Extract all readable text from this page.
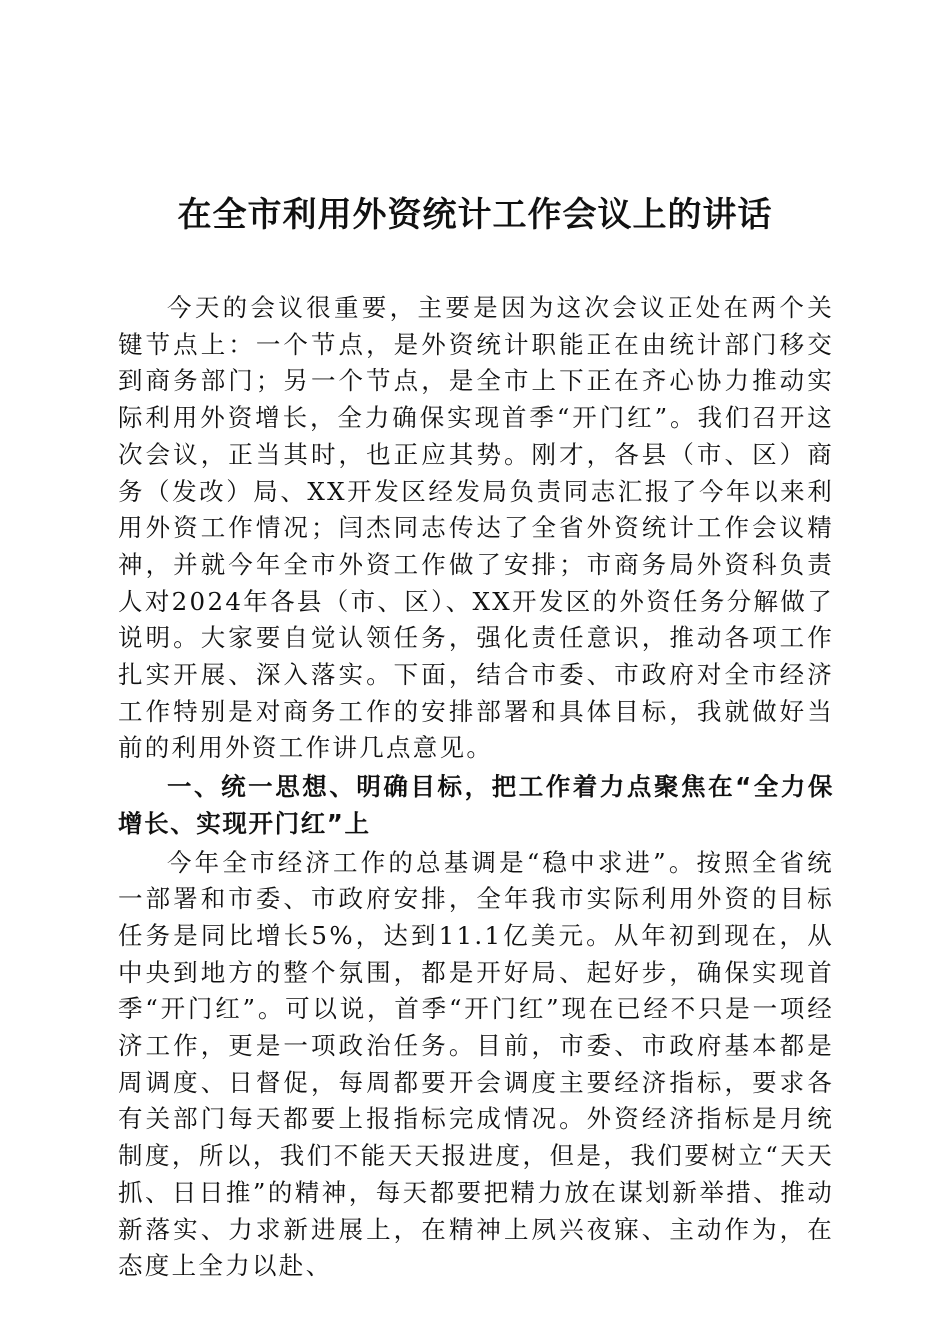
在全市利用外资统计工作会议上的讲话

今天的会议很重要，主要是因为这次会议正处在两个关键节点上：一个节点，是外资统计职能正在由统计部门移交到商务部门；另一个节点，是全市上下正在齐心协力推动实际利用外资增长，全力确保实现首季“开门红”。我们召开这次会议，正当其时，也正应其势。刚才，各县（市、区）商务（发改）局、XX开发区经发局负责同志汇报了今年以来利用外资工作情况；闫杰同志传达了全省外资统计工作会议精神，并就今年全市外资工作做了安排；市商务局外资科负责人对2024年各县（市、区）、XX开发区的外资任务分解做了说明。大家要自觉认领任务，强化责任意识，推动各项工作扎实开展、深入落实。下面，结合市委、市政府对全市经济工作特别是对商务工作的安排部署和具体目标，我就做好当前的利用外资工作讲几点意见。

一、统一思想、明确目标，把工作着力点聚焦在“全力保增长、实现开门红”上

今年全市经济工作的总基调是“稳中求进”。按照全省统一部署和市委、市政府安排，全年我市实际利用外资的目标任务是同比增长5%，达到11.1亿美元。从年初到现在，从中央到地方的整个氛围，都是开好局、起好步，确保实现首季“开门红”。可以说，首季“开门红”现在已经不只是一项经济工作，更是一项政治任务。目前，市委、市政府基本都是周调度、日督促，每周都要开会调度主要经济指标，要求各有关部门每天都要上报指标完成情况。外资经济指标是月统制度，所以，我们不能天天报进度，但是，我们要树立“天天抓、日日推”的精神，每天都要把精力放在谋划新举措、推动新落实、力求新进展上，在精神上夙兴夜寐、主动作为，在态度上全力以赴、
